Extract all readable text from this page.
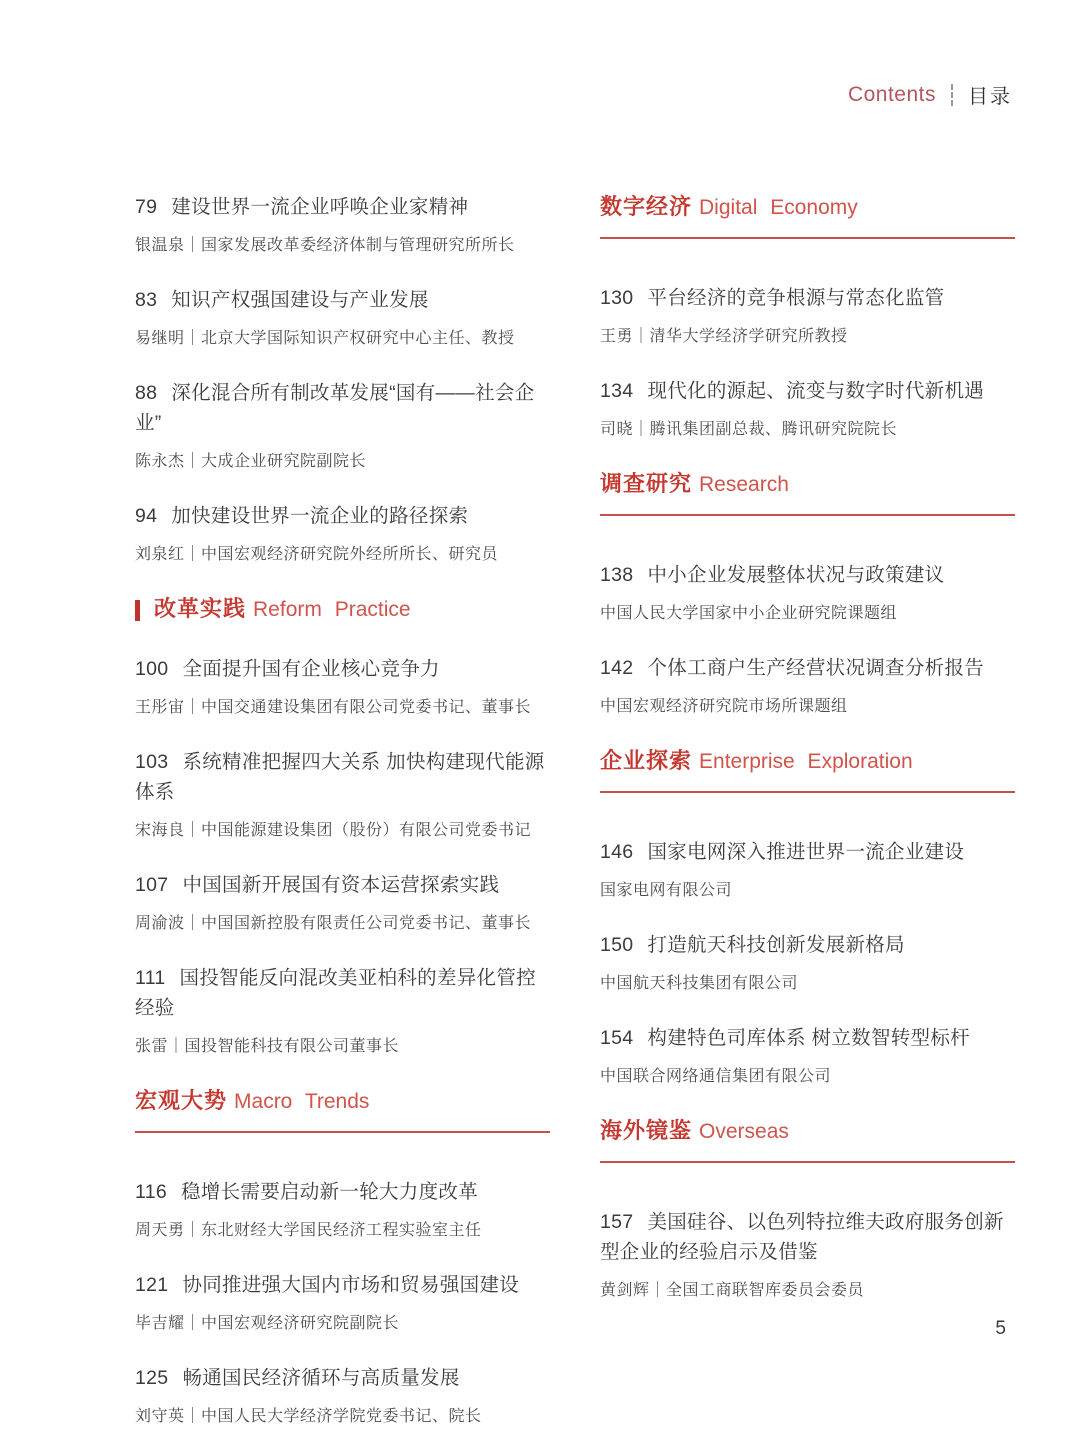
Contents 目录
79 建设世界一流企业呼唤企业家精神
银温泉｜国家发展改革委经济体制与管理研究所所长
83 知识产权强国建设与产业发展
易继明｜北京大学国际知识产权研究中心主任、教授
88 深化混合所有制改革发展“国有——社会企业”
陈永杰｜大成企业研究院副院长
94 加快建设世界一流企业的路径探索
刘泉红｜中国宏观经济研究院外经所所长、研究员
改革实践 Reform Practice
100 全面提升国有企业核心竞争力
王彤宙｜中国交通建设集团有限公司党委书记、董事长
103 系统精准把握四大关系 加快构建现代能源体系
宋海良｜中国能源建设集团（股份）有限公司党委书记
107 中国国新开展国有资本运营探索实践
周渝波｜中国国新控股有限责任公司党委书记、董事长
111 国投智能反向混改美亚柏科的差异化管控经验
张雷｜国投智能科技有限公司董事长
宏观大势 Macro Trends
116 稳增长需要启动新一轮大力度改革
周天勇｜东北财经大学国民经济工程实验室主任
121 协同推进强大国内市场和贸易强国建设
毕吉耀｜中国宏观经济研究院副院长
125 畅通国民经济循环与高质量发展
刘守英｜中国人民大学经济学院党委书记、院长
数字经济 Digital Economy
130 平台经济的竞争根源与常态化监管
王勇｜清华大学经济学研究所教授
134 现代化的源起、流变与数字时代新机遇
司晓｜腾讯集团副总裁、腾讯研究院院长
调查研究 Research
138 中小企业发展整体状况与政策建议
中国人民大学国家中小企业研究院课题组
142 个体工商户生产经营状况调查分析报告
中国宏观经济研究院市场所课题组
企业探索 Enterprise Exploration
146 国家电网深入推进世界一流企业建设
国家电网有限公司
150 打造航天科技创新发展新格局
中国航天科技集团有限公司
154 构建特色司库体系 树立数智转型标杆
中国联合网络通信集团有限公司
海外镜鉴 Overseas
157 美国硅谷、以色列特拉维夫政府服务创新型企业的经验启示及借鉴
黄剑辉｜全国工商联智库委员会委员
5
